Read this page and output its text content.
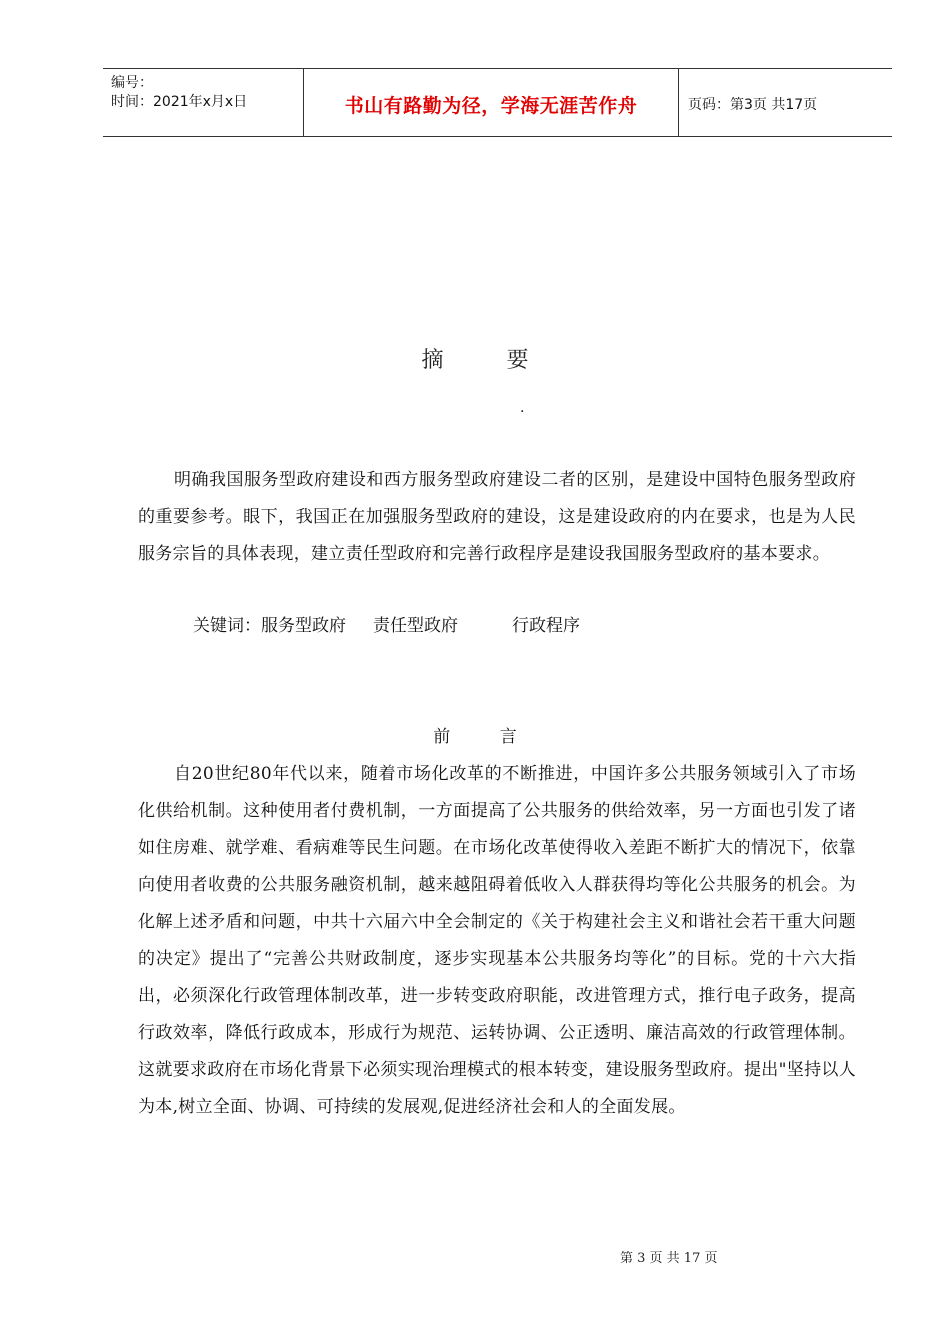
编号：
时间：2021年x月x日	书山有路勤为径，学海无涯苦作舟	页码：第3页 共17页
摘 要
.

明确我国服务型政府建设和西方服务型政府建设二者的区别，是建设中国特色服务型政府的重要参考。眼下，我国正在加强服务型政府的建设，这是建设政府的内在要求，也是为人民服务宗旨的具体表现，建立责任型政府和完善行政程序是建设我国服务型政府的基本要求。

关键词：服务型政府     责任型政府          行政程序
前 言

自20世纪80年代以来，随着市场化改革的不断推进，中国许多公共服务领域引入了市场化供给机制。这种使用者付费机制，一方面提高了公共服务的供给效率，另一方面也引发了诸如住房难、就学难、看病难等民生问题。在市场化改革使得收入差距不断扩大的情况下，依靠向使用者收费的公共服务融资机制，越来越阻碍着低收入人群获得均等化公共服务的机会。为化解上述矛盾和问题，中共十六届六中全会制定的《关于构建社会主义和谐社会若干重大问题的决定》提出了“完善公共财政制度，逐步实现基本公共服务均等化”的目标。党的十六大指出，必须深化行政管理体制改革，进一步转变政府职能，改进管理方式，推行电子政务，提高行政效率，降低行政成本，形成行为规范、运转协调、公正透明、廉洁高效的行政管理体制。这就要求政府在市场化背景下必须实现治理模式的根本转变，建设服务型政府。提出"坚持以人为本,树立全面、协调、可持续的发展观,促进经济社会和人的全面发展。

第 3 页 共 17 页
